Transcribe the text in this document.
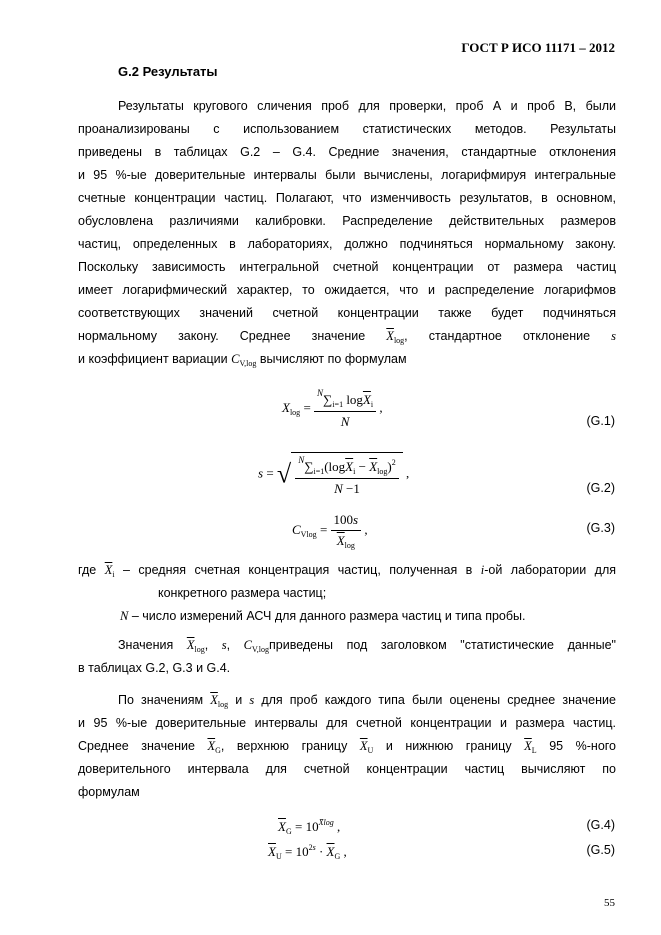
ГОСТ Р ИСО 11171 – 2012
G.2 Результаты
Результаты кругового сличения проб для проверки, проб А и проб В, были
проанализированы с использованием статистических методов. Результаты
приведены в таблицах G.2 – G.4. Средние значения, стандартные отклонения
и 95 %-ые доверительные интервалы были вычислены, логарифмируя интегральные
счетные концентрации частиц. Полагают, что изменчивость результатов, в основном,
обусловлена различиями калибровки. Распределение действительных размеров
частиц, определенных в лабораториях, должно подчиняться нормальному закону.
Поскольку зависимость интегральной счетной концентрации от размера частиц
имеет логарифмический характер, то ожидается, что и распределение логарифмов
соответствующих значений счетной концентрации также будет подчиняться
нормальному закону. Среднее значение $\overline{X}_{log}$, стандартное отклонение s
и коэффициент вариации $C_{V,log}$ вычисляют по формулам
$X_{log} = \frac{^N\sum_{i=1} \log\overline{X}_i}{N}$ ,
(G.1)
s = √ $\frac{^N\sum_{i=1}(\log\overline{X}_i - \overline{X}_{log})^2}{N -1}$ ,
(G.2)
$C_{Vlog} = \frac{100s}{\overline{X}_{log}}$ ,	(G.3)
где $\overline{X}_i$ – средняя счетная концентрация частиц, полученная в i-ой лаборатории для
конкретного размера частиц;
N – число измерений АСЧ для данного размера частиц и типа пробы.
Значения $\overline{X}_{log}$, s, $C_{V,log}приведены$ под заголовком "статистические данные"
в таблицах G.2, G.3 и G.4.
По значениям $\overline{X}_{log}$ и s для проб каждого типа были оценены среднее значение
и 95 %-ые доверительные интервалы для счетной концентрации и размера частиц.
Среднее значение $\overline{X}_G$, верхнюю границу $\overline{X}_U$ и нижнюю границу $\overline{X}_L$ 95 %-ного
доверительного интервала для счетной концентрации частиц вычисляют по
формулам
$\overline{X}_G = 10^{X̄log}$ ,	(G.4)
$\overline{X}_U = 10^{2s} \cdot \overline{X}_G$ ,	(G.5)
55
